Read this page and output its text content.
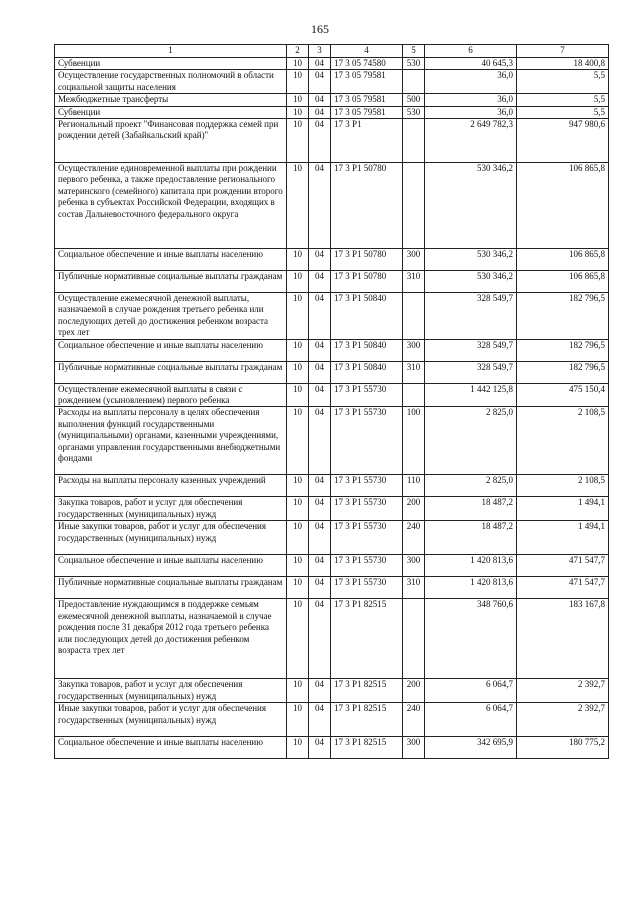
165
1	2	3	4	5	6	7
Субвенции	10	04	17 3 05 74580	530	40 645,3	18 400,8
Осуществление государственных полномочий в области социальной защиты населения	10	04	17 3 05 79581		36,0	5,5
Межбюджетные трансферты	10	04	17 3 05 79581	500	36,0	5,5
Субвенции	10	04	17 3 05 79581	530	36,0	5,5
Региональный проект "Финансовая поддержка семей при рождении детей (Забайкальский край)"	10	04	17 3 P1		2 649 782,3	947 980,6
Осуществление единовременной выплаты при рождении первого ребенка, а также предоставление регионального материнского (семейного) капитала при рождении второго ребенка в субъектах Российской Федерации, входящих в состав Дальневосточного федерального округа	10	04	17 3 P1 50780		530 346,2	106 865,8
Социальное обеспечение и иные выплаты населению	10	04	17 3 P1 50780	300	530 346,2	106 865,8
Публичные нормативные социальные выплаты гражданам	10	04	17 3 P1 50780	310	530 346,2	106 865,8
Осуществление ежемесячной денежной выплаты, назначаемой в случае рождения третьего ребенка или последующих детей до достижения ребенком возраста трех лет	10	04	17 3 P1 50840		328 549,7	182 796,5
Социальное обеспечение и иные выплаты населению	10	04	17 3 P1 50840	300	328 549,7	182 796,5
Публичные нормативные социальные выплаты гражданам	10	04	17 3 P1 50840	310	328 549,7	182 796,5
Осуществление ежемесячной выплаты в связи с рождением (усыновлением) первого ребенка	10	04	17 3 P1 55730		1 442 125,8	475 150,4
Расходы на выплаты персоналу в целях обеспечения выполнения функций государственными (муниципальными) органами, казенными учреждениями, органами управления государственными внебюджетными фондами	10	04	17 3 P1 55730	100	2 825,0	2 108,5
Расходы на выплаты персоналу казенных учреждений	10	04	17 3 P1 55730	110	2 825,0	2 108,5
Закупка товаров, работ и услуг для обеспечения государственных (муниципальных) нужд	10	04	17 3 P1 55730	200	18 487,2	1 494,1
Иные закупки товаров, работ и услуг для обеспечения государственных (муниципальных) нужд	10	04	17 3 P1 55730	240	18 487,2	1 494,1
Социальное обеспечение и иные выплаты населению	10	04	17 3 P1 55730	300	1 420 813,6	471 547,7
Публичные нормативные социальные выплаты гражданам	10	04	17 3 P1 55730	310	1 420 813,6	471 547,7
Предоставление нуждающимся в поддержке семьям ежемесячной денежной выплаты, назначаемой в случае рождения после 31 декабря 2012 года третьего ребенка или последующих детей до достижения ребенком возраста трех лет	10	04	17 3 P1 82515		348 760,6	183 167,8
Закупка товаров, работ и услуг для обеспечения государственных (муниципальных) нужд	10	04	17 3 P1 82515	200	6 064,7	2 392,7
Иные закупки товаров, работ и услуг для обеспечения государственных (муниципальных) нужд	10	04	17 3 P1 82515	240	6 064,7	2 392,7
Социальное обеспечение и иные выплаты населению	10	04	17 3 P1 82515	300	342 695,9	180 775,2
